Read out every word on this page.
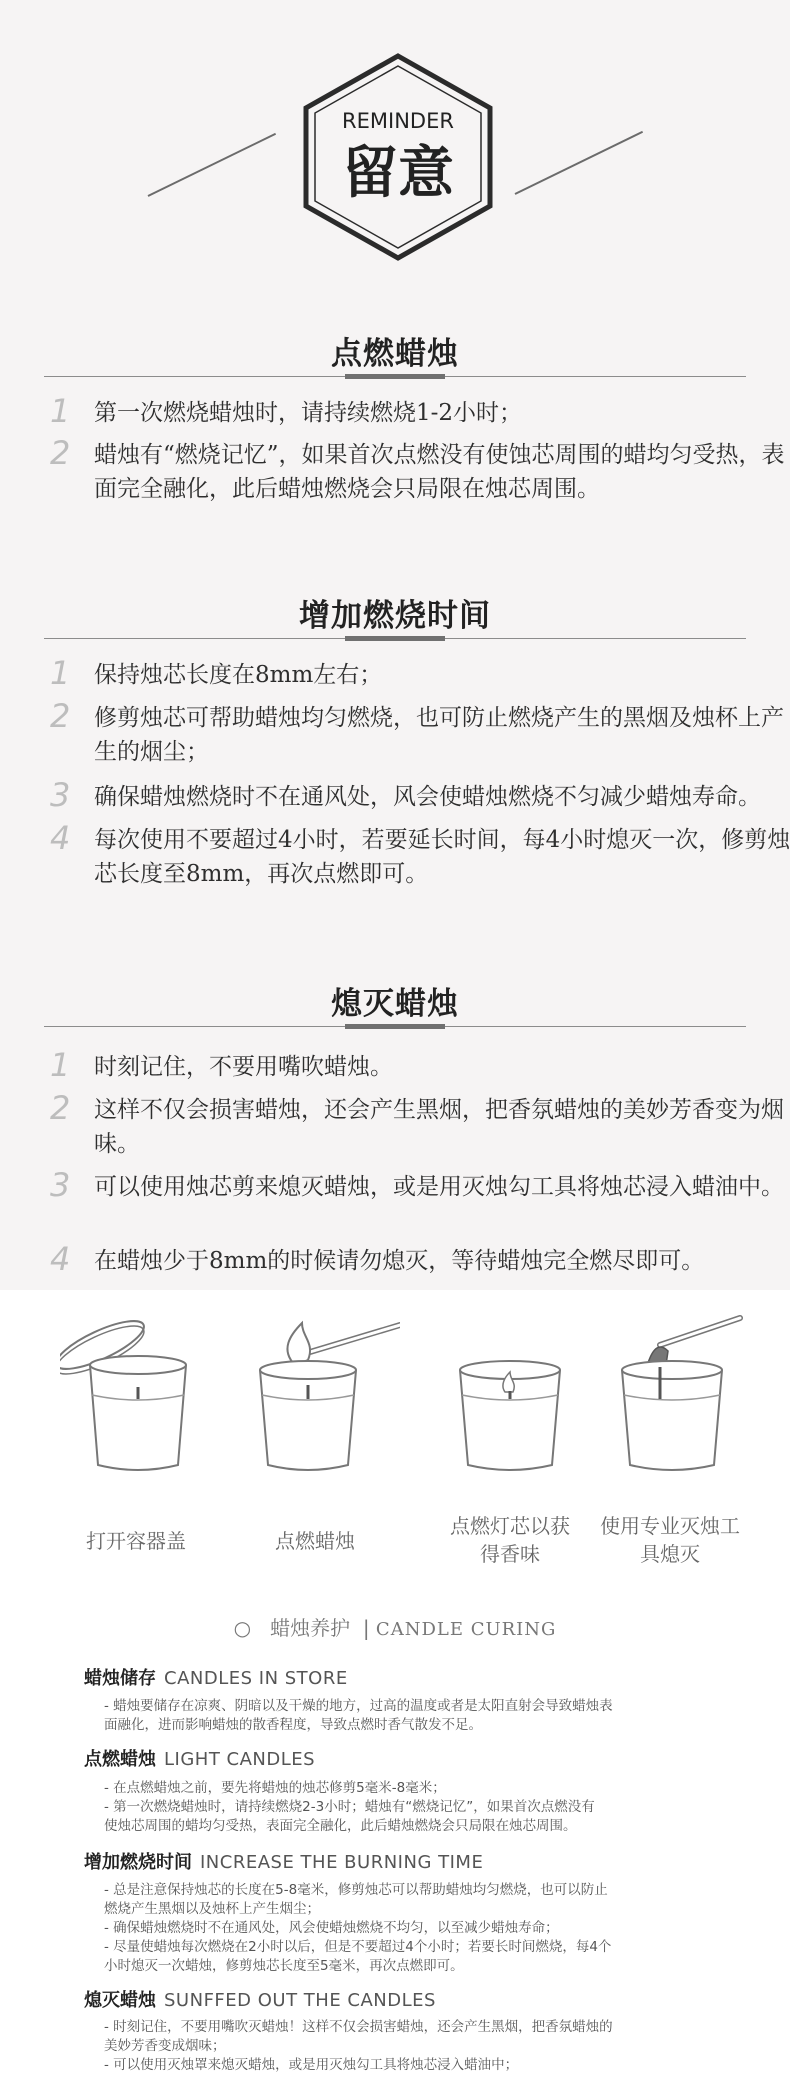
REMINDER
留意
点燃蜡烛
1 第一次燃烧蜡烛时，请持续燃烧1-2小时；
2 蜡烛有“燃烧记忆”，如果首次点燃没有使蚀芯周围的蜡均匀受热，表面完全融化，此后蜡烛燃烧会只局限在烛芯周围。
增加燃烧时间
1 保持烛芯长度在8mm左右；
2 修剪烛芯可帮助蜡烛均匀燃烧，也可防止燃烧产生的黑烟及烛杯上产生的烟尘；
3 确保蜡烛燃烧时不在通风处，风会使蜡烛燃烧不匀减少蜡烛寿命。
4 每次使用不要超过4小时，若要延长时间，每4小时熄灭一次，修剪烛芯长度至8mm，再次点燃即可。
熄灭蜡烛
1 时刻记住，不要用嘴吹蜡烛。
2 这样不仅会损害蜡烛，还会产生黑烟，把香氛蜡烛的美妙芳香变为烟味。
3 可以使用烛芯剪来熄灭蜡烛，或是用灭烛勾工具将烛芯浸入蜡油中。
4 在蜡烛少于8mm的时候请勿熄灭，等待蜡烛完全燃尽即可。
打开容器盖	点燃蜡烛
点燃灯芯以获得香味
使用专业灭烛工具熄灭
○ 蜡烛养护 | CANDLE CURING
蜡烛储存 CANDLES IN STORE
- 蜡烛要储存在凉爽、阴暗以及干燥的地方，过高的温度或者是太阳直射会导致蜡烛表
面融化，进而影响蜡烛的散香程度，导致点燃时香气散发不足。
点燃蜡烛 LIGHT CANDLES
- 在点燃蜡烛之前，要先将蜡烛的烛芯修剪5毫米-8毫米；
- 第一次燃烧蜡烛时，请持续燃烧2-3小时；蜡烛有“燃烧记忆”，如果首次点燃没有
使烛芯周围的蜡均匀受热，表面完全融化，此后蜡烛燃烧会只局限在烛芯周围。
增加燃烧时间 INCREASE THE BURNING TIME
- 总是注意保持烛芯的长度在5-8毫米，修剪烛芯可以帮助蜡烛均匀燃烧，也可以防止
燃烧产生黑烟以及烛杯上产生烟尘；
- 确保蜡烛燃烧时不在通风处，风会使蜡烛燃烧不均匀，以至减少蜡烛寿命；
- 尽量使蜡烛每次燃烧在2小时以后，但是不要超过4个小时；若要长时间燃烧，每4个
小时熄灭一次蜡烛，修剪烛芯长度至5毫米，再次点燃即可。
熄灭蜡烛 SUNFFED OUT THE CANDLES
- 时刻记住，不要用嘴吹灭蜡烛！这样不仅会损害蜡烛，还会产生黑烟，把香氛蜡烛的
美妙芳香变成烟味；
- 可以使用灭烛罩来熄灭蜡烛，或是用灭烛勾工具将烛芯浸入蜡油中；
